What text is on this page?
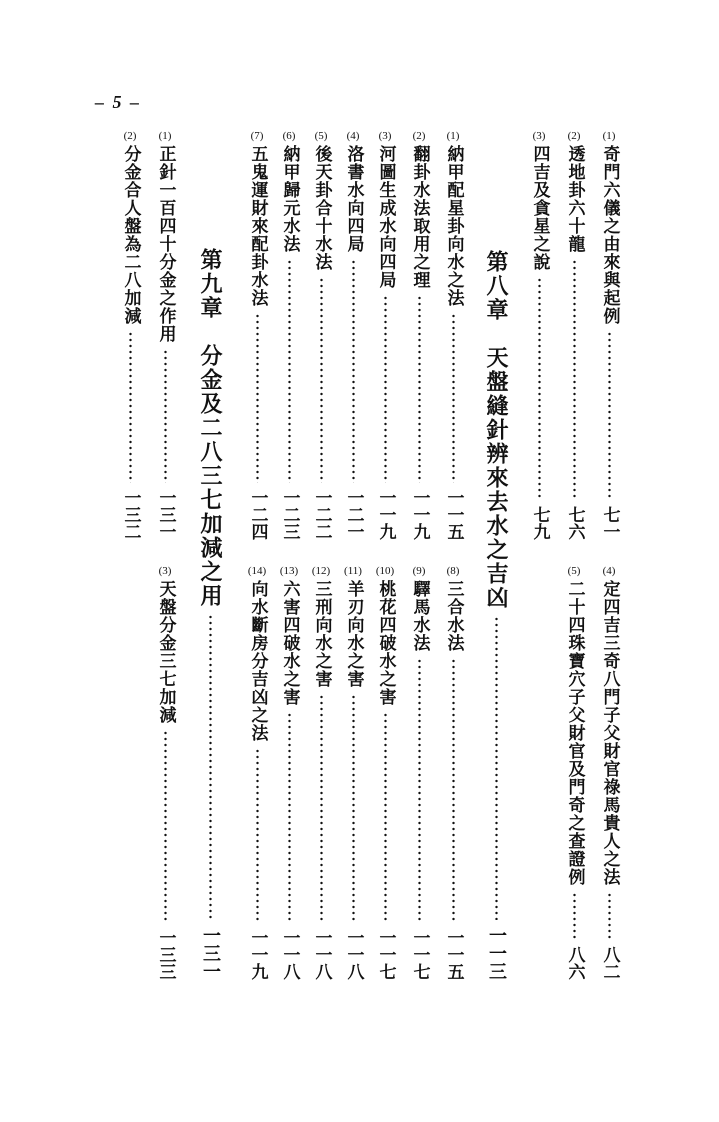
– 5 –
(1)
奇門六儀之由來與起例
七一
(2)
透地卦六十龍
七六
(3)
四吉及貪星之說
七九
第八章　天盤縫針辨來去水之吉凶
一一三
(1)
納甲配星卦向水之法
一一五
(2)
翻卦水法取用之理
一一九
(3)
河圖生成水向四局
一一九
(4)
洛書水向四局
一二一
(5)
後天卦合十水法
一二二
(6)
納甲歸元水法
一二三
(7)
五鬼運財來配卦水法
一二四
第九章　分金及二八三七加減之用
一三一
(1)
正針一百四十分金之作用
一三一
(2)
分金合人盤為二八加減
一三二
(4)
定四吉三奇八門子父財官祿馬貴人之法
八二
(5)
二十四珠寶穴子父財官及門奇之查證例
八六
(8)
三合水法
一一五
(9)
驛馬水法
一一七
(10)
桃花四破水之害
一一七
(11)
羊刃向水之害
一一八
(12)
三刑向水之害
一一八
(13)
六害四破水之害
一一八
(14)
向水斷房分吉凶之法
一一九
(3)
天盤分金三七加減
一三三
